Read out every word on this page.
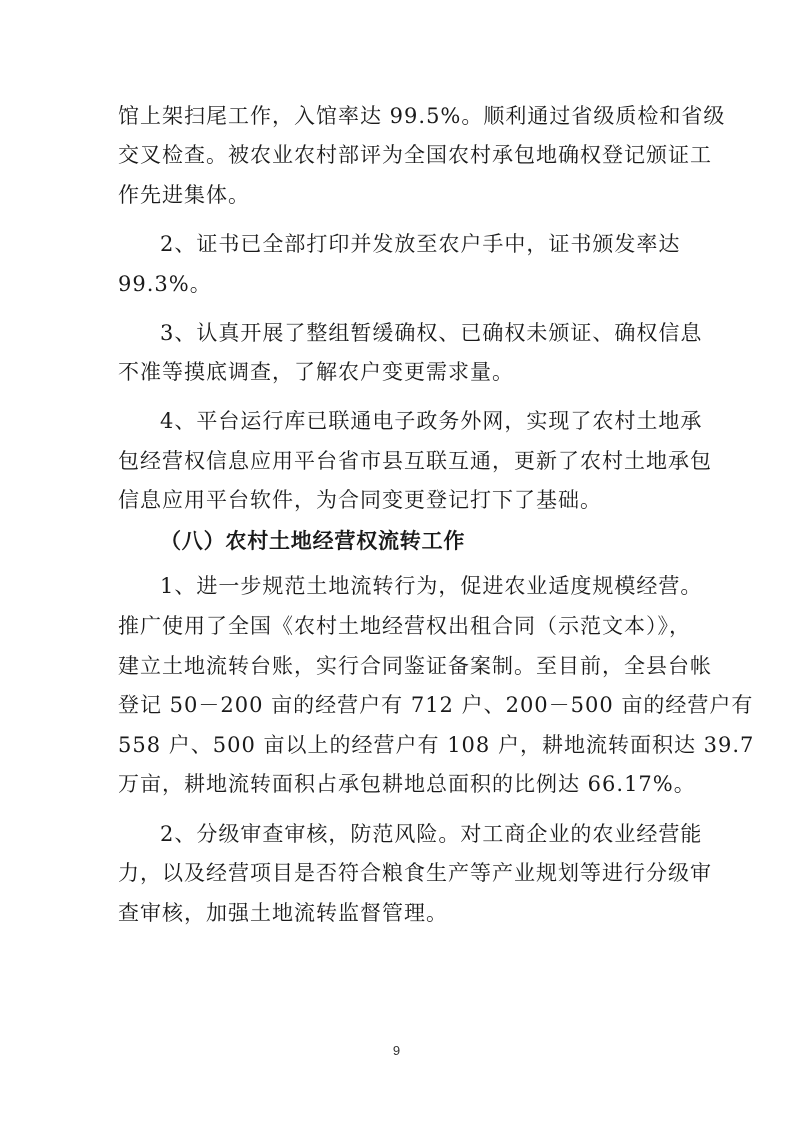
馆上架扫尾工作，入馆率达 99.5%。顺利通过省级质检和省级
交叉检查。被农业农村部评为全国农村承包地确权登记颁证工
作先进集体。
2、证书已全部打印并发放至农户手中，证书颁发率达
99.3%。
3、认真开展了整组暂缓确权、已确权未颁证、确权信息
不准等摸底调查，了解农户变更需求量。
4、平台运行库已联通电子政务外网，实现了农村土地承
包经营权信息应用平台省市县互联互通，更新了农村土地承包
信息应用平台软件，为合同变更登记打下了基础。
（八）农村土地经营权流转工作
1、进一步规范土地流转行为，促进农业适度规模经营。
推广使用了全国《农村土地经营权出租合同（示范文本）》，
建立土地流转台账，实行合同鉴证备案制。至目前，全县台帐
登记 50－200 亩的经营户有 712 户、200－500 亩的经营户有
558 户、500 亩以上的经营户有 108 户，耕地流转面积达 39.7
万亩，耕地流转面积占承包耕地总面积的比例达 66.17%。
2、分级审查审核，防范风险。对工商企业的农业经营能
力，以及经营项目是否符合粮食生产等产业规划等进行分级审
查审核，加强土地流转监督管理。
9
